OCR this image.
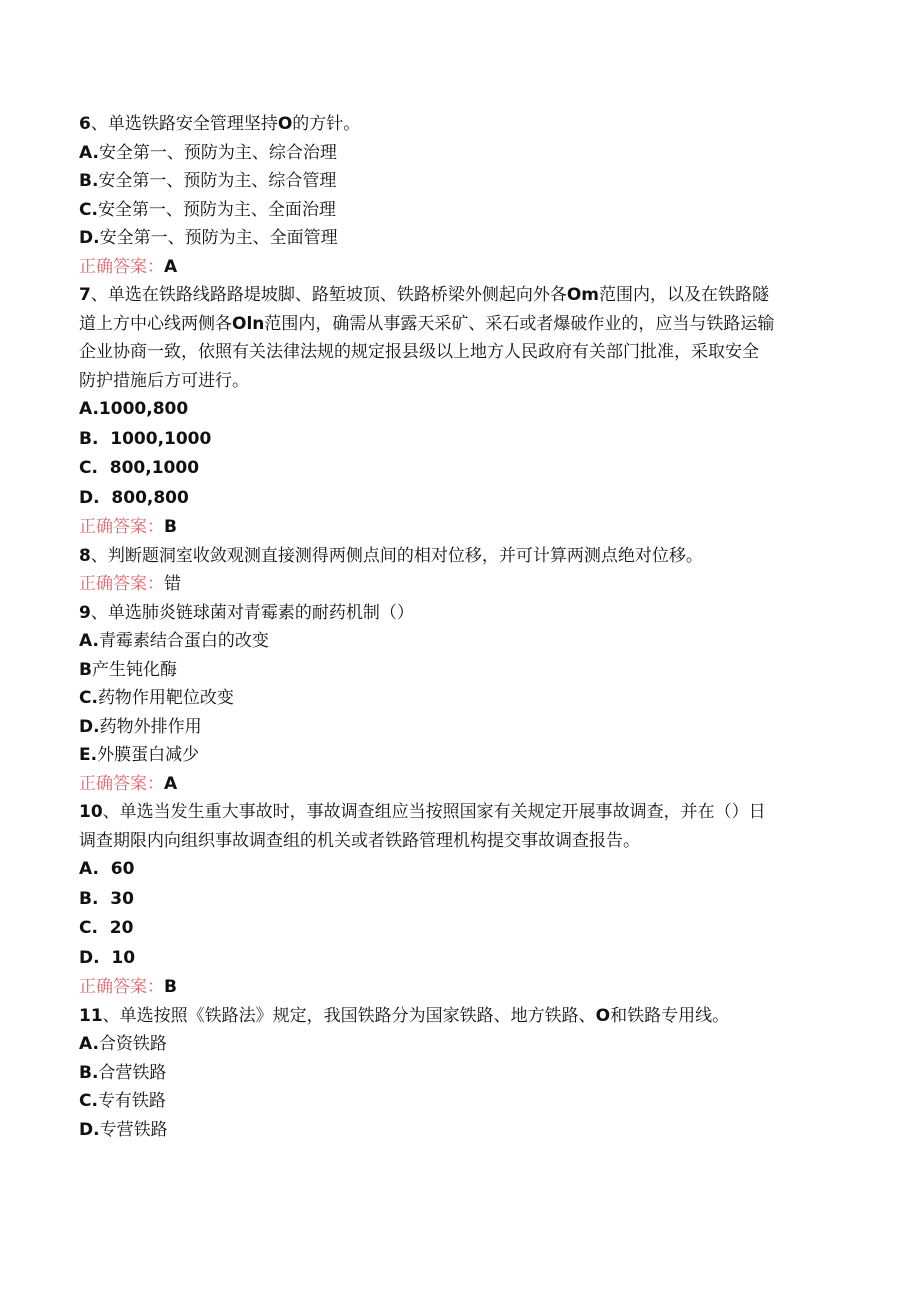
6、单选铁路安全管理坚持O的方针。
A.安全第一、预防为主、综合治理
B.安全第一、预防为主、综合管理
C.安全第一、预防为主、全面治理
D.安全第一、预防为主、全面管理
正确答案：A
7、单选在铁路线路路堤坡脚、路堑坡顶、铁路桥梁外侧起向外各Om范围内，以及在铁路隧
道上方中心线两侧各Oln范围内，确需从事露天采矿、采石或者爆破作业的，应当与铁路运输
企业协商一致，依照有关法律法规的规定报县级以上地方人民政府有关部门批准，采取安全
防护措施后方可进行。
A.1000,800
B.  1000,1000
C.  800,1000
D.  800,800
正确答案：B
8、判断题洞室收敛观测直接测得两侧点间的相对位移，并可计算两测点绝对位移。
正确答案：错
9、单选肺炎链球菌对青霉素的耐药机制（）
A.青霉素结合蛋白的改变
B产生钝化酶
C.药物作用靶位改变
D.药物外排作用
E.外膜蛋白减少
正确答案：A
10、单选当发生重大事故时，事故调查组应当按照国家有关规定开展事故调查，并在（）日
调查期限内向组织事故调查组的机关或者铁路管理机构提交事故调查报告。
A.  60
B.  30
C.  20
D.  10
正确答案：B
11、单选按照《铁路法》规定，我国铁路分为国家铁路、地方铁路、O和铁路专用线。
A.合资铁路
B.合营铁路
C.专有铁路
D.专营铁路
